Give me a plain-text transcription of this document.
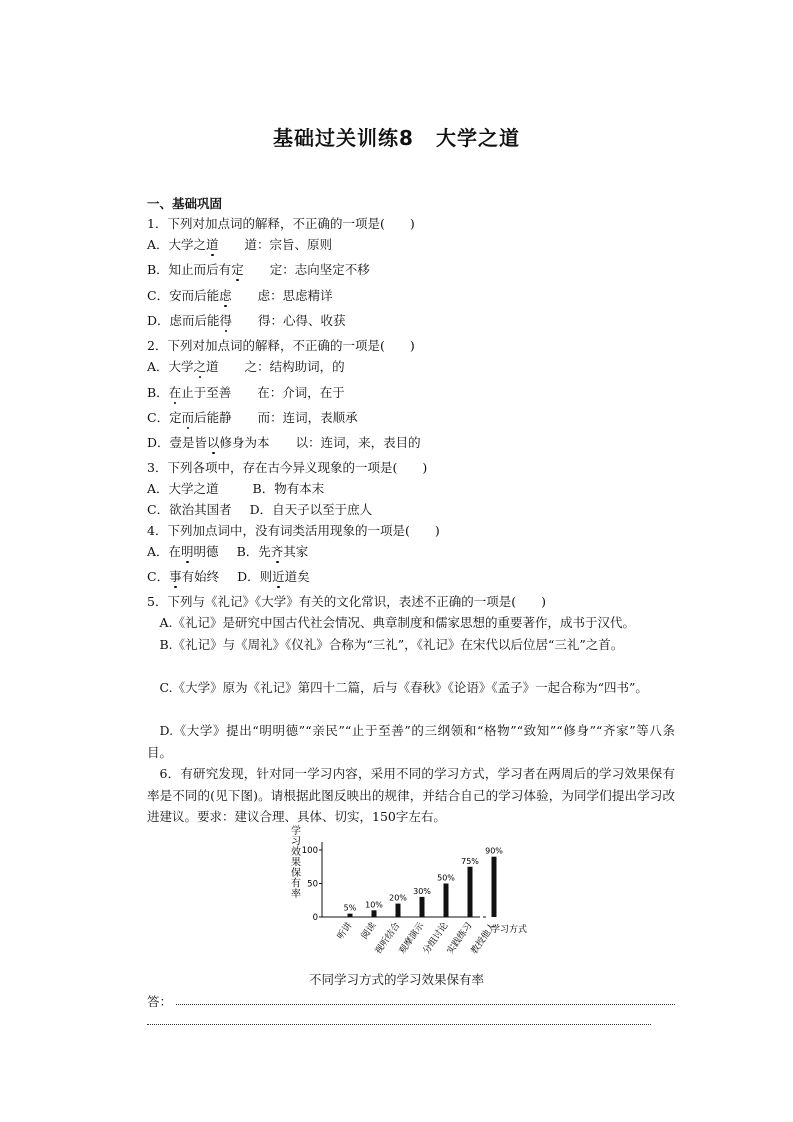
基础过关训练8 大学之道
一、基础巩固
1．下列对加点词的解释，不正确的一项是(　　)
A．大学之道 道：宗旨、原则
B．知止而后有定 定：志向坚定不移
C．安而后能虑 虑：思虑精详
D．虑而后能得 得：心得、收获
2．下列对加点词的解释，不正确的一项是(　　)
A．大学之道 之：结构助词，的
B．在止于至善 在：介词，在于
C．定而后能静 而：连词，表顺承
D．壹是皆以修身为本 以：连词，来，表目的
3．下列各项中，存在古今异义现象的一项是(　　)
A．大学之道	B．物有本末
C．欲治其国者 D．自天子以至于庶人
4．下列加点词中，没有词类活用现象的一项是(　　)
A．在明明德 B．先齐其家
C．事有始终 D．则近道矣
5．下列与《礼记》《大学》有关的文化常识，表述不正确的一项是(　　)
A.《礼记》是研究中国古代社会情况、典章制度和儒家思想的重要著作，成书于汉代。
B.《礼记》与《周礼》《仪礼》合称为“三礼”，《礼记》在宋代以后位居“三礼”之首。
C.《大学》原为《礼记》第四十二篇，后与《春秋》《论语》《孟子》一起合称为“四书”。
D.《大学》提出“明明德”“亲民”“止于至善”的三纲领和“格物”“致知”“修身”“齐家”等八条目。
6．有研究发现，针对同一学习内容，采用不同的学习方式，学习者在两周后的学习效果保有率是不同的(见下图)。请根据此图反映出的规律，并结合自己的学习体验，为同学们提出学习改进建议。要求：建议合理、具体、切实，150字左右。
学
习
效
果
保
有
率
0
50
100
5%
听讲
10%
阅读
20%
视听结合
30%
观摩演示
50%
分组讨论
75%
实践练习
90%
教授他人
学习方式
不同学习方式的学习效果保有率
答：
